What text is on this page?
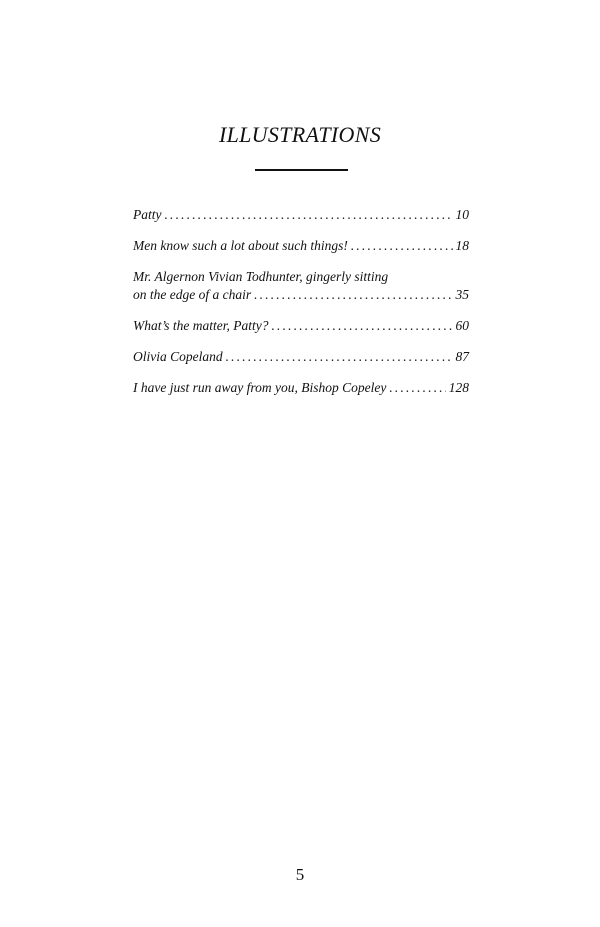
ILLUSTRATIONS
Patty . . .	10
Men know such a lot about such things! . . .	18
Mr. Algernon Vivian Todhunter, gingerly sitting
on the edge of a chair . . .	35
What’s the matter, Patty? . . .	60
Olivia Copeland . . .	87
I have just run away from you, Bishop Copeley . . .	128
5
